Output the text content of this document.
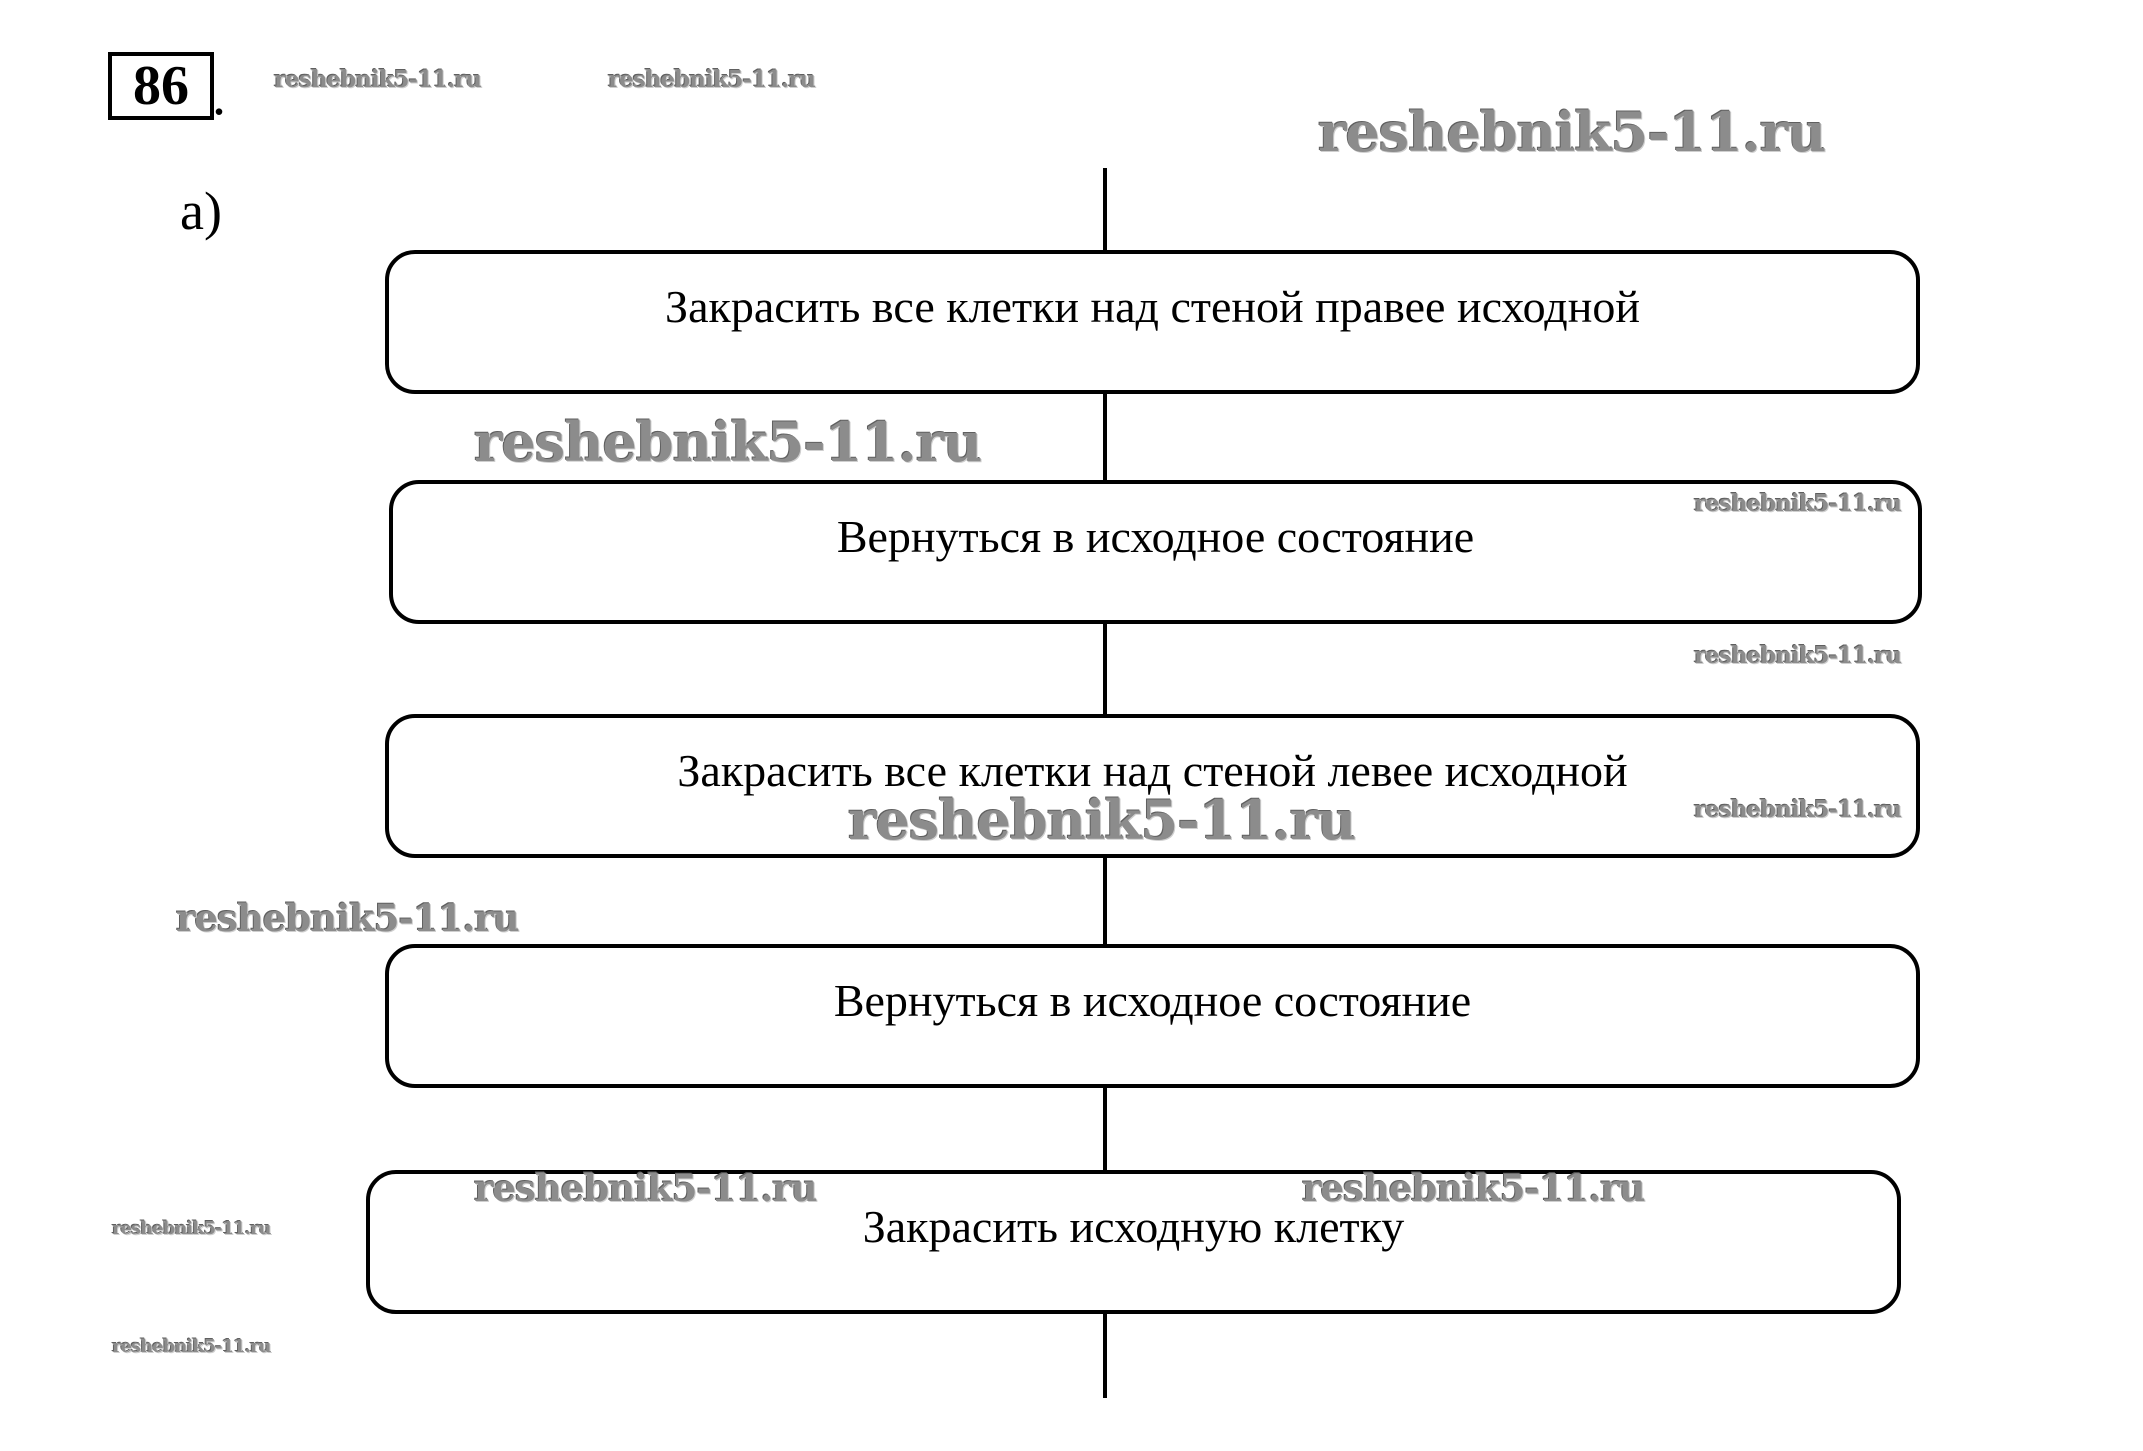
86 .
а)
Закрасить все клетки над стеной правее исходной
Вернуться в исходное состояние
Закрасить все клетки над стеной левее исходной
Вернуться в исходное состояние
Закрасить исходную клетку
reshebnik5-11.ru	reshebnik5-11.ru
reshebnik5-11.ru
reshebnik5-11.ru
reshebnik5-11.ru
reshebnik5-11.ru
reshebnik5-11.ru
reshebnik5-11.ru
reshebnik5-11.ru
reshebnik5-11.ru	reshebnik5-11.ru
reshebnik5-11.ru
reshebnik5-11.ru
